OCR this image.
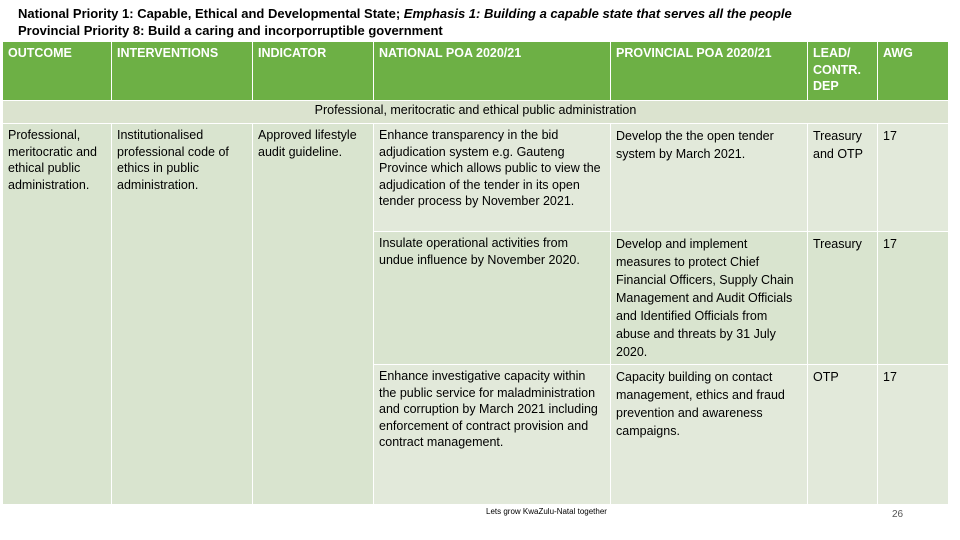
National Priority 1: Capable, Ethical and Developmental State; Emphasis 1: Building a capable state that serves all the people
Provincial Priority 8: Build a caring and incorporruptible government
OUTCOME	INTERVENTIONS	INDICATOR	NATIONAL POA 2020/21	PROVINCIAL POA 2020/21	LEAD/ CONTR. DEP	AWG
Professional, meritocratic and ethical public administration						
Professional, meritocratic and ethical public administration.	Institutionalised professional code of ethics in public administration.	Approved lifestyle audit guideline.	Enhance transparency in the bid adjudication system e.g. Gauteng Province which allows public to view the adjudication of the tender in its open tender process by November 2021.	Develop the the open tender system by March 2021.	Treasury and OTP	17
			Insulate operational activities from undue influence by November 2020.	Develop and implement measures to protect Chief Financial Officers, Supply Chain Management and Audit Officials and Identified Officials from abuse and threats by 31 July 2020.	Treasury	17
			Enhance investigative capacity within the public service for maladministration and corruption by March 2021 including enforcement of contract provision and contract management.	Capacity building on contact management, ethics and fraud prevention and awareness campaigns.	OTP	17
Lets grow KwaZulu-Natal together	26
